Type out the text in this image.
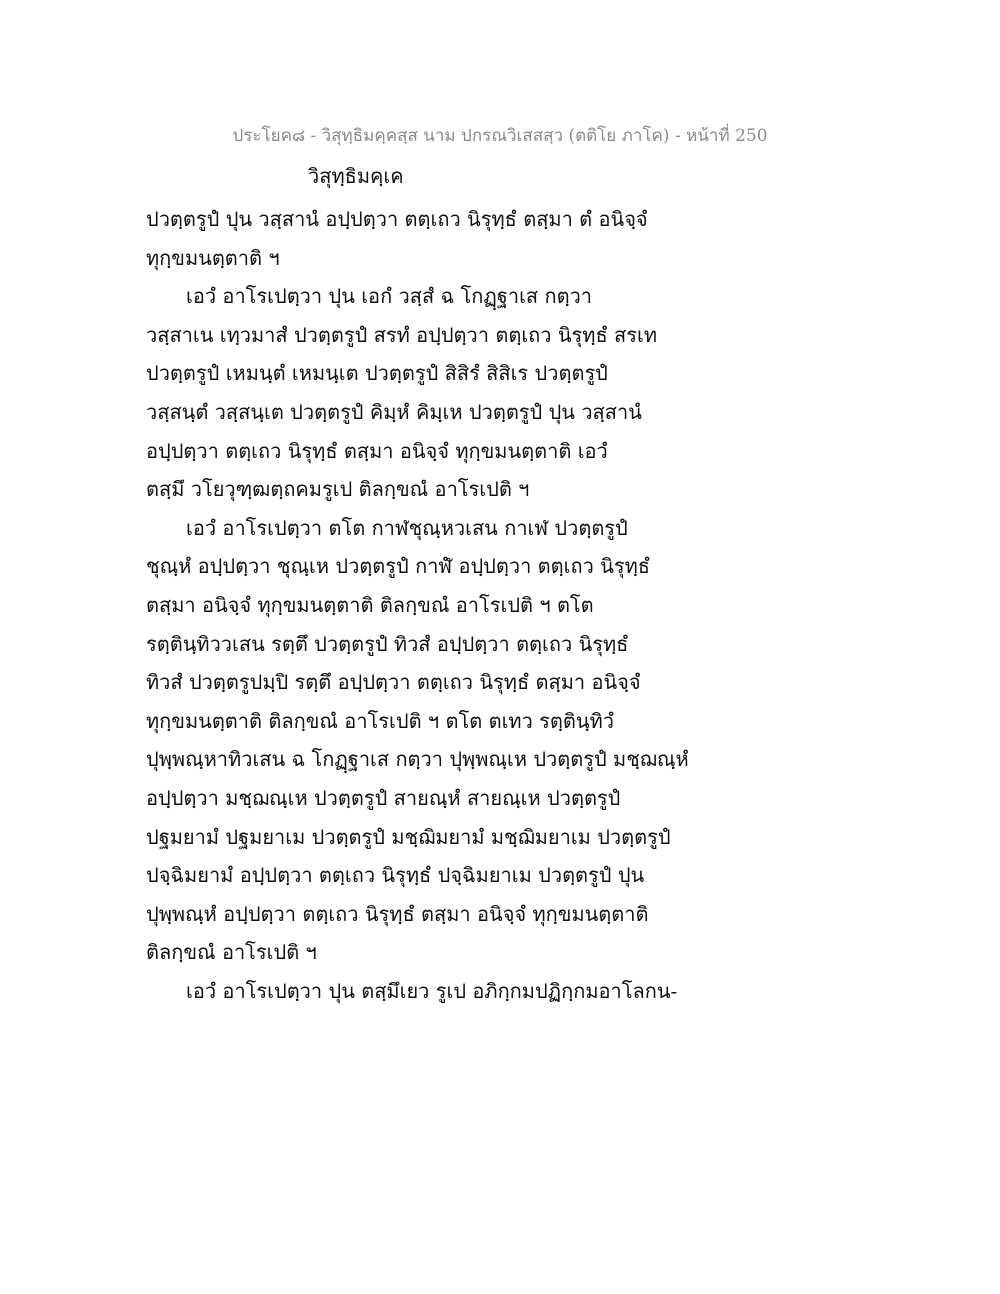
ประโยค๘ - วิสุทฺธิมคฺคสฺส นาม ปกรณวิเสสสฺว (ตติโย ภาโค) - หน้าที่ 250
วิสุทฺธิมคฺเค
ปวตฺตรูปํ ปุน วสฺสานํ อปฺปตฺวา ตตฺเถว นิรุทฺธํ ตสฺมา ตํ อนิจฺจํ
ทุกฺขมนตฺตาติ ฯ
เอวํ อาโรเปตฺวา ปุน เอกํ วสฺสํ ฉ โกฏฺฐาเส กตฺวา
วสฺสาเน เทฺวมาสํ ปวตฺตรูปํ สรทํ อปฺปตฺวา ตตฺเถว นิรุทฺธํ สรเท
ปวตฺตรูปํ เหมนฺตํ เหมนฺเต ปวตฺตรูปํ สิสิรํ สิสิเร ปวตฺตรูปํ
วสฺสนฺตํ วสฺสนฺเต ปวตฺตรูปํ คิมฺหํ คิมฺเห ปวตฺตรูปํ ปุน วสฺสานํ
อปฺปตฺวา ตตฺเถว นิรุทฺธํ ตสฺมา อนิจฺจํ ทุกฺขมนตฺตาติ เอวํ
ตสฺมึ วโยวุฑฺฒตฺถคมรูเป ติลกฺขณํ อาโรเปติ ฯ
เอวํ อาโรเปตฺวา ตโต กาฬชุณฺหวเสน กาเฬ ปวตฺตรูปํ
ชุณฺหํ อปฺปตฺวา ชุณฺเห ปวตฺตรูปํ กาฬํ อปฺปตฺวา ตตฺเถว นิรุทฺธํ
ตสฺมา อนิจฺจํ ทุกฺขมนตฺตาติ ติลกฺขณํ อาโรเปติ ฯ ตโต
รตฺตินฺทิววเสน รตฺตึ ปวตฺตรูปํ ทิวสํ อปฺปตฺวา ตตฺเถว นิรุทฺธํ
ทิวสํ ปวตฺตรูปมฺปิ รตฺตึ อปฺปตฺวา ตตฺเถว นิรุทฺธํ ตสฺมา อนิจฺจํ
ทุกฺขมนตฺตาติ ติลกฺขณํ อาโรเปติ ฯ ตโต ตเทว รตฺตินฺทิวํ
ปุพฺพณฺหาทิวเสน ฉ โกฏฺฐาเส กตฺวา ปุพฺพณฺเห ปวตฺตรูปํ มชฺฌณฺหํ
อปฺปตฺวา มชฺฌณฺเห ปวตฺตรูปํ สายณฺหํ สายณฺเห ปวตฺตรูปํ
ปฐมยามํ ปฐมยาเม ปวตฺตรูปํ มชฺฌิมยามํ มชฺฌิมยาเม ปวตฺตรูปํ
ปจฺฉิมยามํ อปฺปตฺวา ตตฺเถว นิรุทฺธํ ปจฺฉิมยาเม ปวตฺตรูปํ ปุน
ปุพฺพณฺหํ อปฺปตฺวา ตตฺเถว นิรุทฺธํ ตสฺมา อนิจฺจํ ทุกฺขมนตฺตาติ
ติลกฺขณํ อาโรเปติ ฯ
เอวํ อาโรเปตฺวา ปุน ตสฺมึเยว รูเป อภิกฺกมปฏิกฺกมอาโลกน-
